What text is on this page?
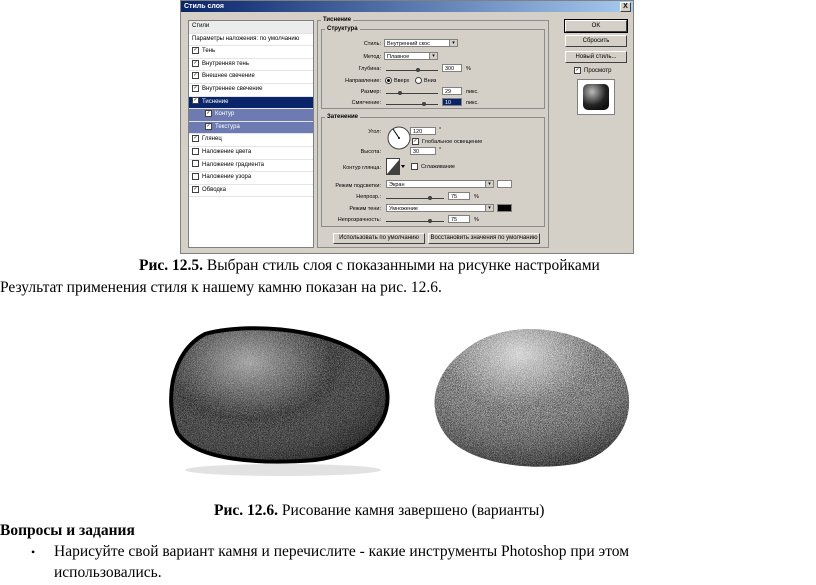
Стиль слоя	X
Стили
Параметры наложения: по умолчанию
✓ Тень
✓ Внутренняя тень
✓ Внешнее свечение
✓ Внутреннее свечение
✓ Тиснение
✓ Контур
✓ Текстура
✓ Глянец
Наложение цвета
Наложение градиента
Наложение узора
✓ Обводка
Тиснение
Структура
Стиль:	Внутренний скос	▾
Метод:	Плавное	▾
Глубина:	300	%
Направление:	Вверх	Вниз
Размер:	29	пикс.
Смягчение:	10	пикс.
Затенение
Угол:	120	°
✓ Глобальное освещение
Высота:	30	°
Контур глянца:	Сглаживание
Режим подсветки:	Экран	▾
Непрозр.:	75	%
Режим тени:	Умножение	▾
Непрозрачность:	75	%
Использовать по умолчанию	Восстановить значения по умолчанию
OK
Сбросить
Новый стиль...
✓ Просмотр
Рис. 12.5. Выбран стиль слоя с показанными на рисунке настройками
Результат применения стиля к нашему камню показан на рис. 12.6.
Рис. 12.6. Рисование камня завершено (варианты)
Вопросы и задания
• Нарисуйте свой вариант камня и перечислите - какие инструменты Photoshop при этом
использовались.
